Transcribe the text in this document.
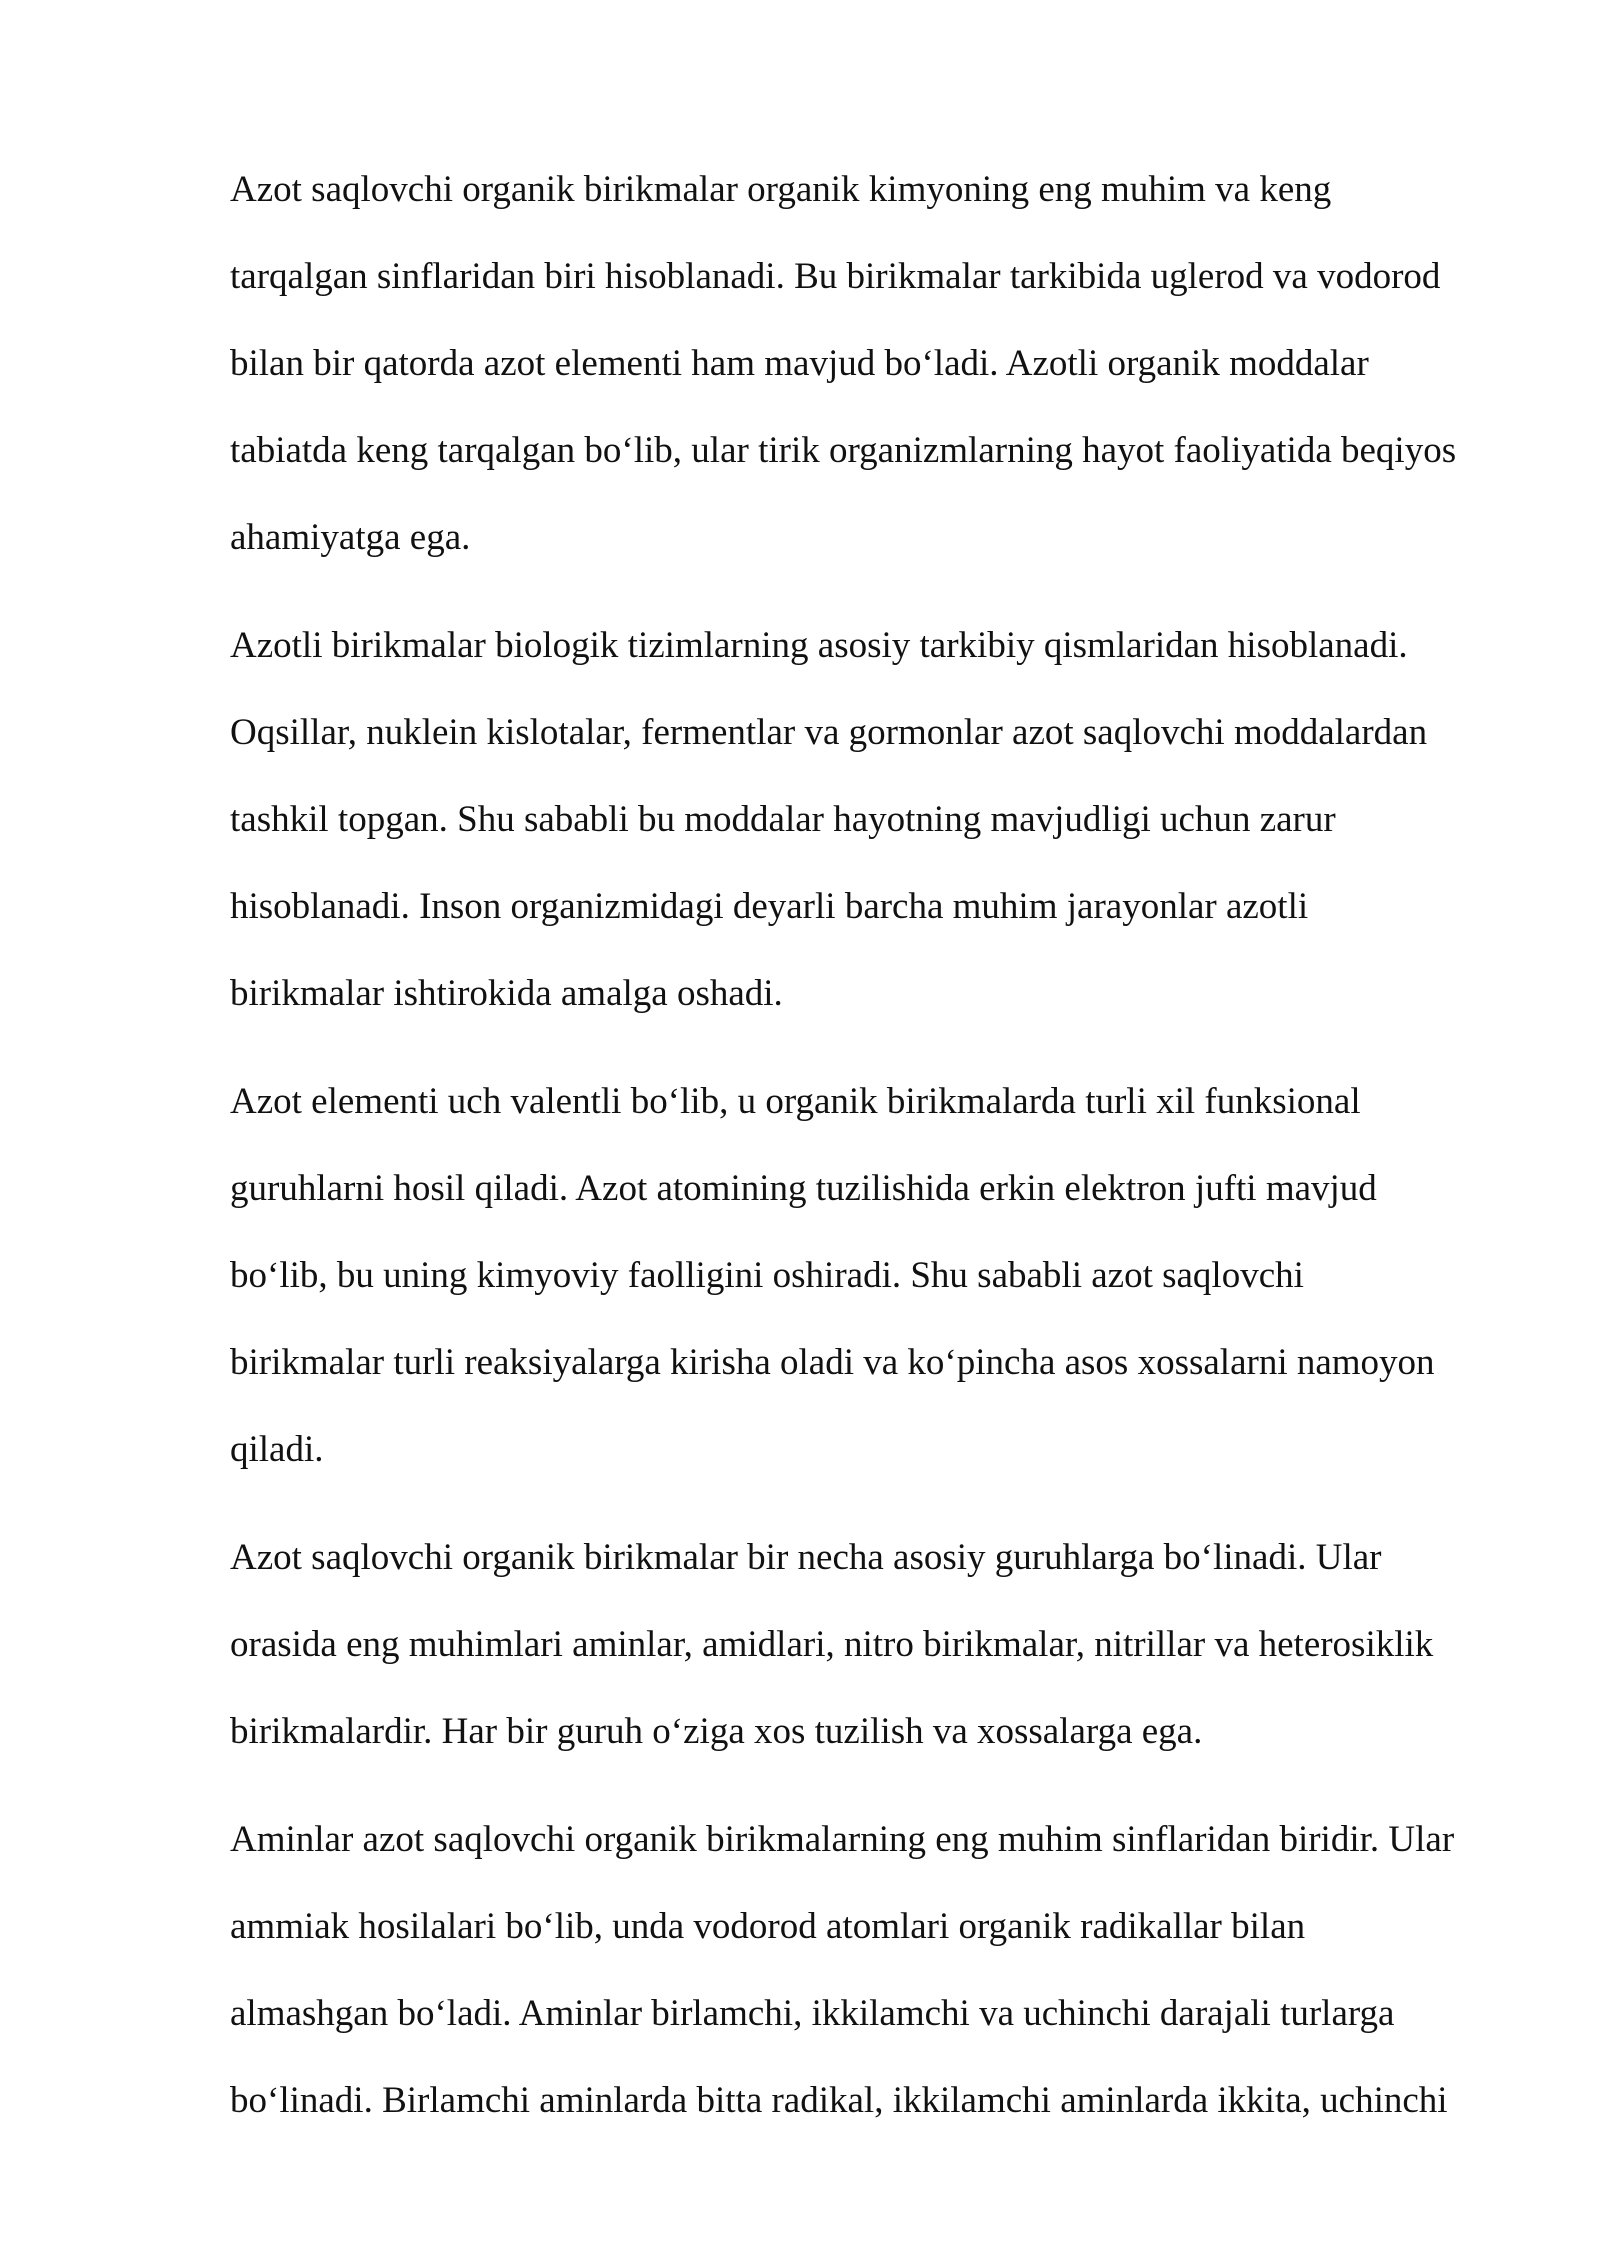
Azot saqlovchi organik birikmalar organik kimyoning eng muhim va keng
tarqalgan sinflaridan biri hisoblanadi. Bu birikmalar tarkibida uglerod va vodorod
bilan bir qatorda azot elementi ham mavjud bo‘ladi. Azotli organik moddalar
tabiatda keng tarqalgan bo‘lib, ular tirik organizmlarning hayot faoliyatida beqiyos
ahamiyatga ega.
Azotli birikmalar biologik tizimlarning asosiy tarkibiy qismlaridan hisoblanadi.
Oqsillar, nuklein kislotalar, fermentlar va gormonlar azot saqlovchi moddalardan
tashkil topgan. Shu sababli bu moddalar hayotning mavjudligi uchun zarur
hisoblanadi. Inson organizmidagi deyarli barcha muhim jarayonlar azotli
birikmalar ishtirokida amalga oshadi.
Azot elementi uch valentli bo‘lib, u organik birikmalarda turli xil funksional
guruhlarni hosil qiladi. Azot atomining tuzilishida erkin elektron jufti mavjud
bo‘lib, bu uning kimyoviy faolligini oshiradi. Shu sababli azot saqlovchi
birikmalar turli reaksiyalarga kirisha oladi va ko‘pincha asos xossalarni namoyon
qiladi.
Azot saqlovchi organik birikmalar bir necha asosiy guruhlarga bo‘linadi. Ular
orasida eng muhimlari aminlar, amidlari, nitro birikmalar, nitrillar va heterosiklik
birikmalardir. Har bir guruh o‘ziga xos tuzilish va xossalarga ega.
Aminlar azot saqlovchi organik birikmalarning eng muhim sinflaridan biridir. Ular
ammiak hosilalari bo‘lib, unda vodorod atomlari organik radikallar bilan
almashgan bo‘ladi. Aminlar birlamchi, ikkilamchi va uchinchi darajali turlarga
bo‘linadi. Birlamchi aminlarda bitta radikal, ikkilamchi aminlarda ikkita, uchinchi
